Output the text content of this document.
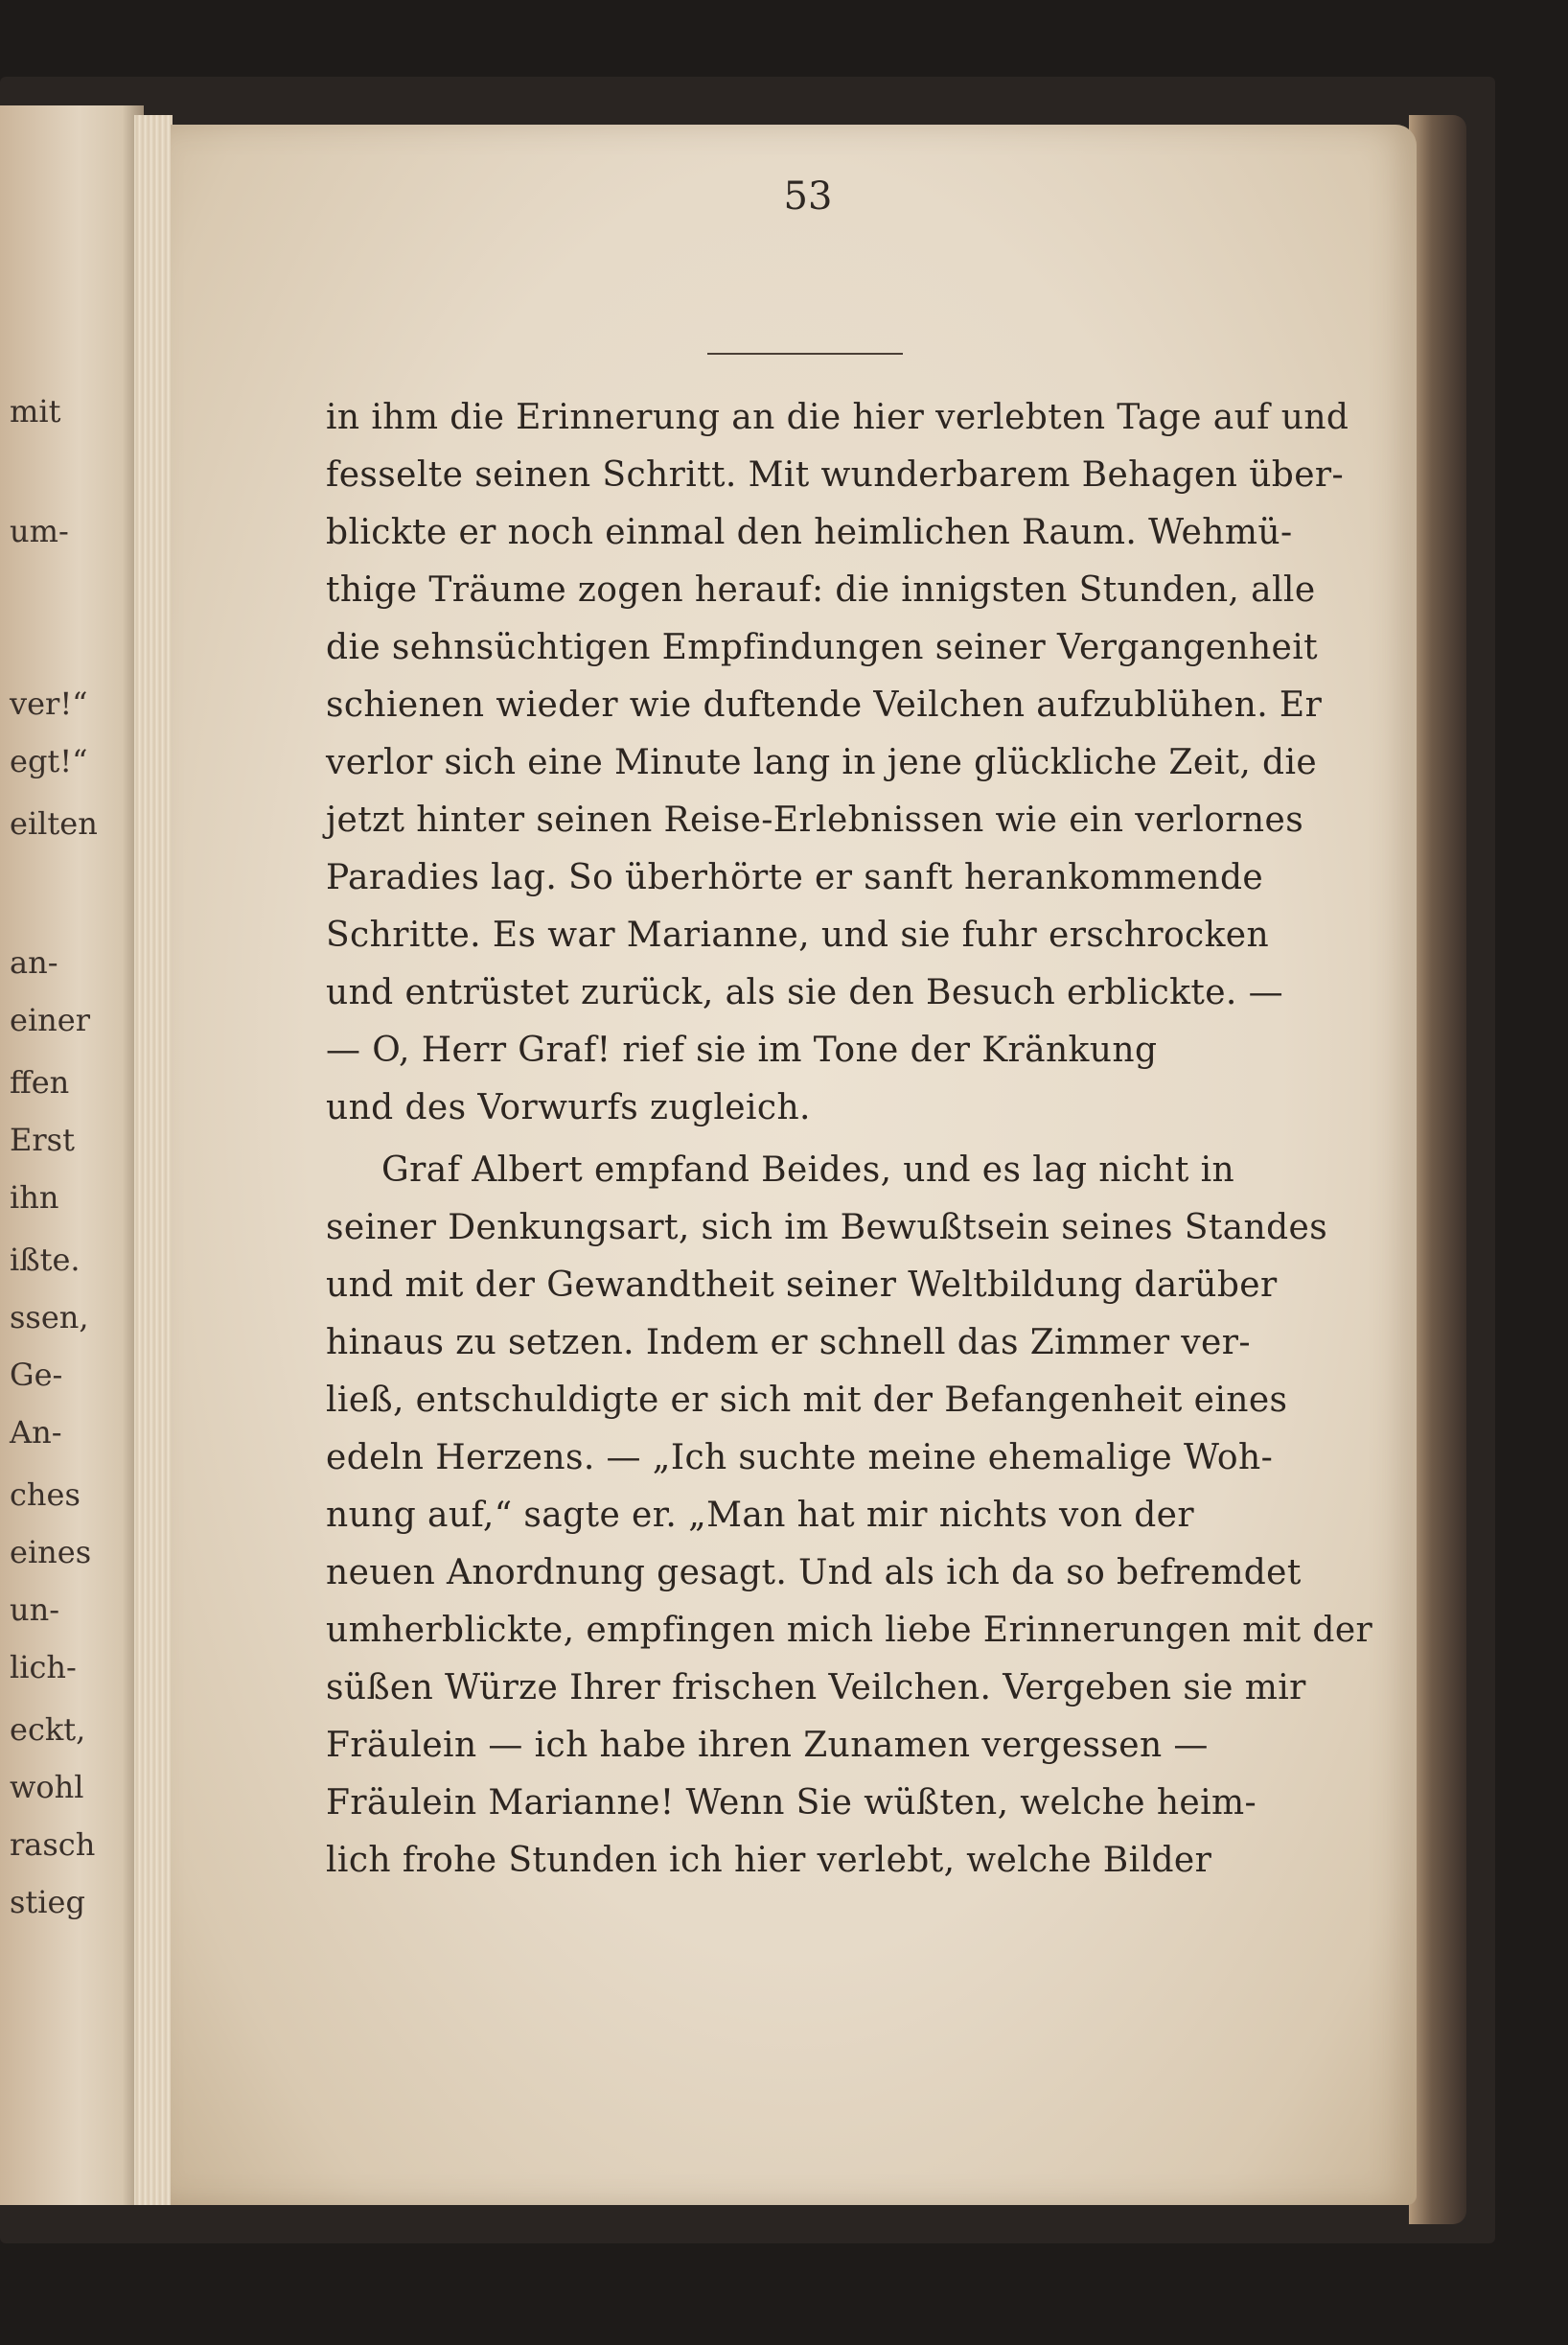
mit

um-

ver!“

egt!“

eilten

an-

einer

ffen

Erst

ihn

ißte.

ssen,

Ge-

An-

ches

eines

un-

lich-

eckt,

wohl

rasch

stieg

53

in ihm die Erinnerung an die hier verlebten Tage auf und

fesselte seinen Schritt. Mit wunderbarem Behagen über-

blickte er noch einmal den heimlichen Raum. Wehmü-

thige Träume zogen herauf: die innigsten Stunden, alle

die sehnsüchtigen Empfindungen seiner Vergangenheit

schienen wieder wie duftende Veilchen aufzublühen. Er

verlor sich eine Minute lang in jene glückliche Zeit, die

jetzt hinter seinen Reise-Erlebnissen wie ein verlornes

Paradies lag. So überhörte er sanft herankommende

Schritte. Es war Marianne, und sie fuhr erschrocken

und entrüstet zurück, als sie den Besuch erblickte. —

— O, Herr Graf! rief sie im Tone der Kränkung

und des Vorwurfs zugleich.

Graf Albert empfand Beides, und es lag nicht in

seiner Denkungsart, sich im Bewußtsein seines Standes

und mit der Gewandtheit seiner Weltbildung darüber

hinaus zu setzen. Indem er schnell das Zimmer ver-

ließ, entschuldigte er sich mit der Befangenheit eines

edeln Herzens. — „Ich suchte meine ehemalige Woh-

nung auf,“ sagte er. „Man hat mir nichts von der

neuen Anordnung gesagt. Und als ich da so befremdet

umherblickte, empfingen mich liebe Erinnerungen mit der

süßen Würze Ihrer frischen Veilchen. Vergeben sie mir

Fräulein — ich habe ihren Zunamen vergessen —

Fräulein Marianne! Wenn Sie wüßten, welche heim-

lich frohe Stunden ich hier verlebt, welche Bilder
